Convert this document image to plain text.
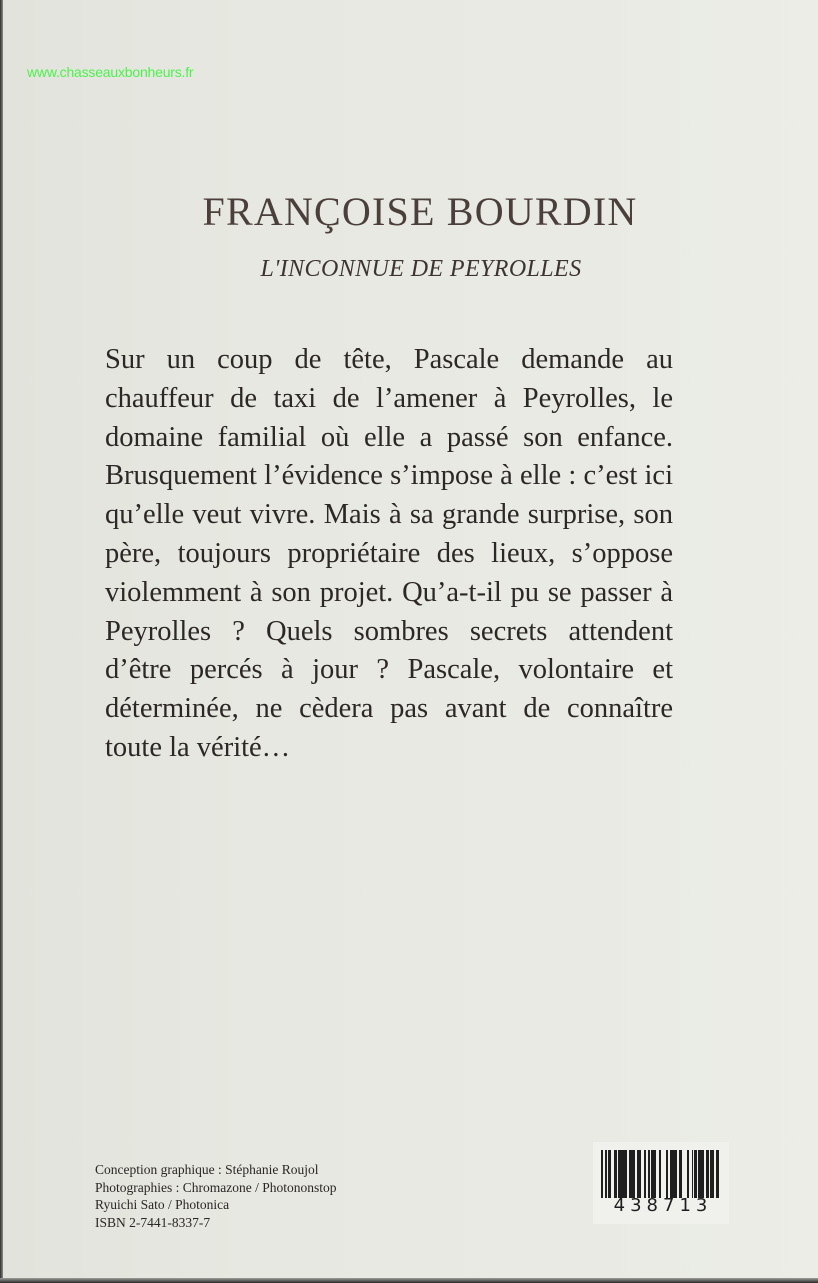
www.chasseauxbonheurs.fr
FRANÇOISE BOURDIN
L'INCONNUE DE PEYROLLES

Sur un coup de tête, Pascale demande au chauffeur de taxi de l’amener à Peyrolles, le domaine familial où elle a passé son enfance. Brusquement l’évidence s’impose à elle : c’est ici qu’elle veut vivre. Mais à sa grande surprise, son père, toujours propriétaire des lieux, s’oppose violemment à son projet. Qu’a-t-il pu se passer à Peyrolles ? Quels sombres secrets attendent d’être percés à jour ? Pascale, volontaire et déterminée, ne cèdera pas avant de connaître toute la vérité…

Conception graphique : Stéphanie Roujol
Photographies : Chromazone / Photononstop
Ryuichi Sato / Photonica
ISBN 2-7441-8337-7
438713
